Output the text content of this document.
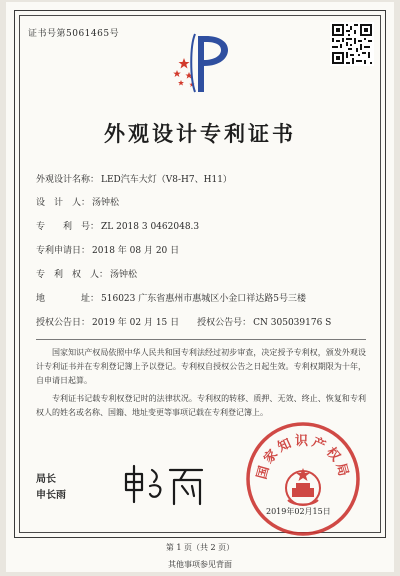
证书号第5061465号
外观设计专利证书
外观设计名称： LED汽车大灯（V8-H7、H11）
设　计　人： 汤钟松
专　　利　号： ZL 2018 3 0462048.3
专利申请日： 2018 年 08 月 20 日
专　利　权　人： 汤钟松
地　　　　址： 516023 广东省惠州市惠城区小金口祥达路5号三楼
授权公告日： 2019 年 02 月 15 日 授权公告号： CN 305039176 S
国家知识产权局依照中华人民共和国专利法经过初步审查，决定授予专利权，颁发外观设计专利证书并在专利登记簿上予以登记。专利权自授权公告之日起生效。专利权期限为十年，自申请日起算。
专利证书记载专利权登记时的法律状况。专利权的转移、质押、无效、终止、恢复和专利权人的姓名或名称、国籍、地址变更等事项记载在专利登记簿上。
局长
申长雨
国家知识产权局
2019年02月15日
第 1 页（共 2 页）
其他事项参见背面
